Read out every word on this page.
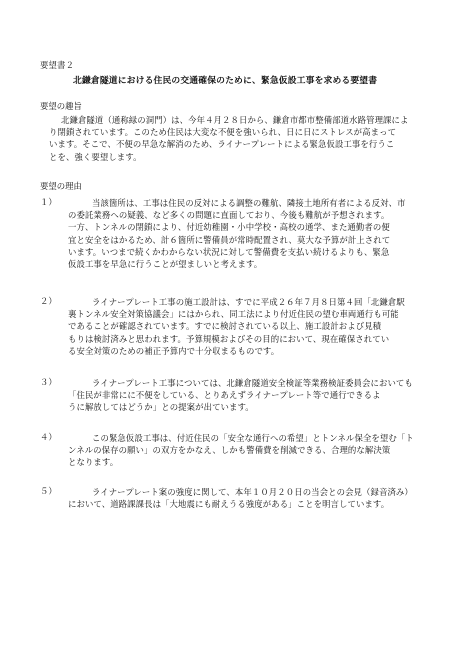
要望書２
北鎌倉隧道における住民の交通確保のために、緊急仮設工事を求める要望書
要望の趣旨
北鎌倉隧道（通称緑の洞門）は、今年４月２８日から、鎌倉市都市整備部道水路管理課によ
り閉鎖されています。このため住民は大変な不便を強いられ、日に日にストレスが高まって
います。そこで、不便の早急な解消のため、ライナープレートによる緊急仮設工事を行うこ
とを、強く要望します。
要望の理由
１）	当該箇所は、工事は住民の反対による調整の難航、隣接土地所有者による反対、市
の委託業務への疑義、など多くの問題に直面しており、今後も難航が予想されます。
一方、トンネルの閉鎖により、付近幼稚園・小中学校・高校の通学、また通勤者の便
宜と安全をはかるため、計６箇所に警備員が常時配置され、莫大な予算が計上されて
います。いつまで続くかわからない状況に対して警備費を支払い続けるよりも、緊急
仮設工事を早急に行うことが望ましいと考えます。
２）	ライナープレート工事の施工設計は、すでに平成２６年７月８日第４回「北鎌倉駅
裏トンネル安全対策協議会」にはかられ、同工法により付近住民の望む車両通行も可能
であることが確認されています。すでに検討されている以上、施工設計および見積
もりは検討済みと思われます。予算規模およびその目的において、現在確保されてい
る安全対策のための補正予算内で十分収まるものです。
３）	ライナープレート工事については、北鎌倉隧道安全検証等業務検証委員会においても
「住民が非常にに不便をしている、とりあえずライナープレート等で通行できるよ
うに解放してはどうか」との提案が出ています。
４）	この緊急仮設工事は、付近住民の「安全な通行への希望」とトンネル保全を望む「ト
ンネルの保存の願い」の双方をかなえ、しかも警備費を削減できる、合理的な解決策
となります。
５）	ライナープレート案の強度に関して、本年１０月２０日の当会との会見（録音済み）
において、道路課課長は「大地震にも耐えうる強度がある」ことを明言しています。
